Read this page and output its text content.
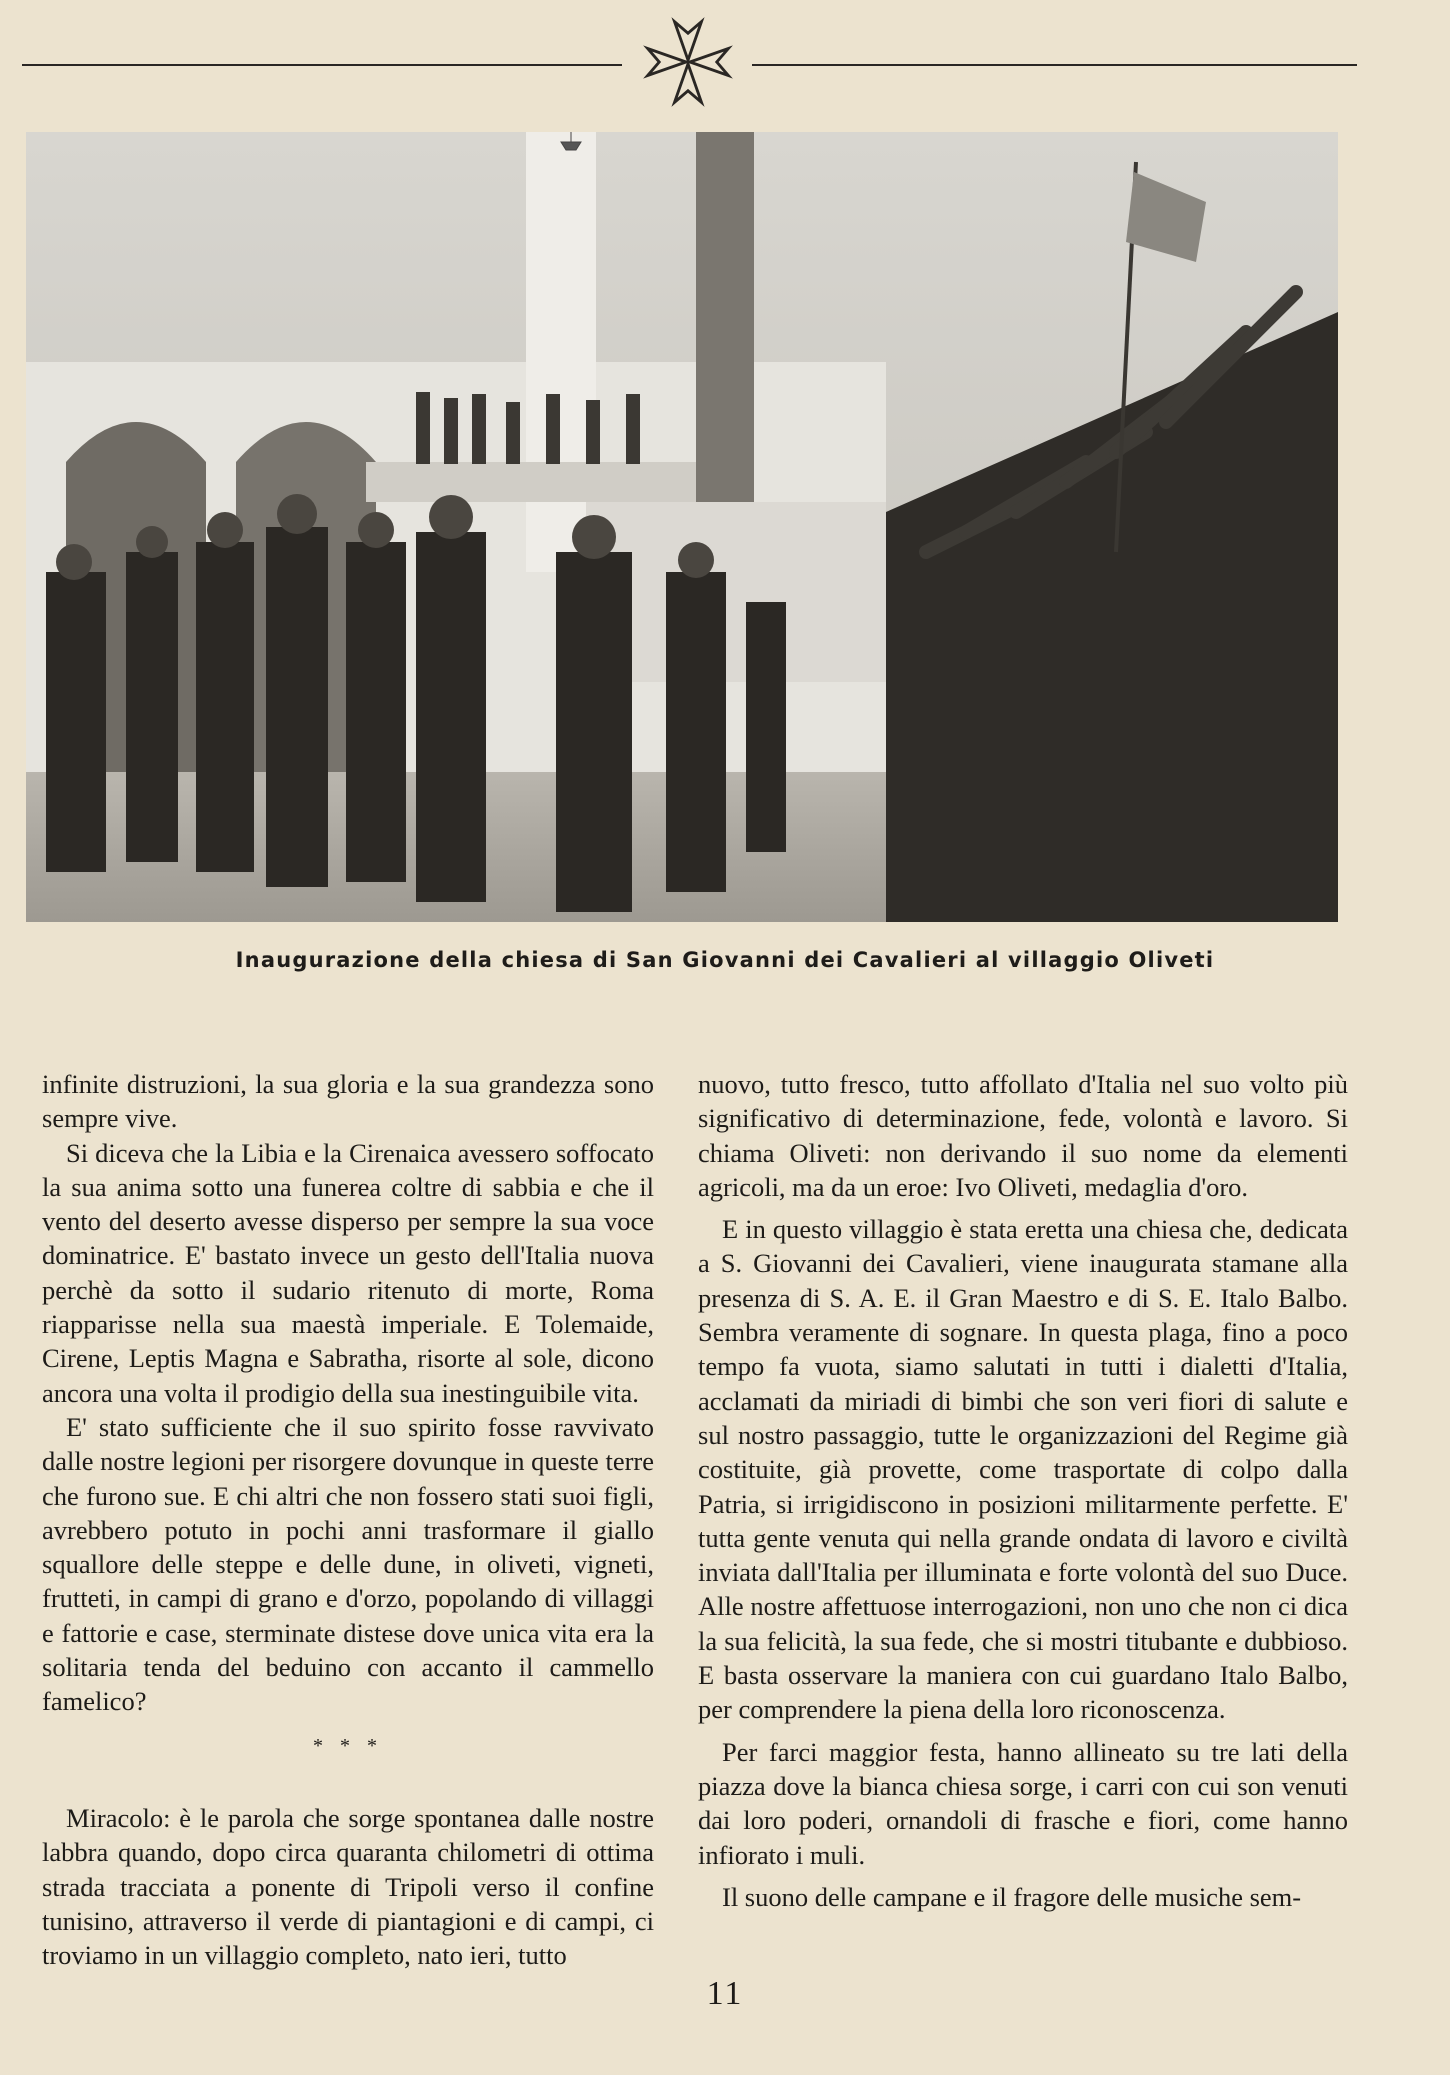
Inaugurazione della chiesa di San Giovanni dei Cavalieri al villaggio Oliveti

infinite distruzioni, la sua gloria e la sua grandezza sono sempre vive.

Si diceva che la Libia e la Cirenaica avessero soffocato la sua anima sotto una funerea coltre di sabbia e che il vento del deserto avesse disperso per sempre la sua voce dominatrice. E' bastato invece un gesto dell'Italia nuova perchè da sotto il sudario ritenuto di morte, Roma riapparisse nella sua maestà imperiale. E Tolemaide, Cirene, Leptis Magna e Sabratha, risorte al sole, dicono ancora una volta il prodigio della sua inestinguibile vita.

E' stato sufficiente che il suo spirito fosse ravvivato dalle nostre legioni per risorgere dovunque in queste terre che furono sue. E chi altri che non fossero stati suoi figli, avrebbero potuto in pochi anni trasformare il giallo squallore delle steppe e delle dune, in oliveti, vigneti, frutteti, in campi di grano e d'orzo, popolando di villaggi e fattorie e case, sterminate distese dove unica vita era la solitaria tenda del beduino con accanto il cammello famelico?

* * *

Miracolo: è le parola che sorge spontanea dalle nostre labbra quando, dopo circa quaranta chilometri di ottima strada tracciata a ponente di Tripoli verso il confine tunisino, attraverso il verde di piantagioni e di campi, ci troviamo in un villaggio completo, nato ieri, tutto

nuovo, tutto fresco, tutto affollato d'Italia nel suo volto più significativo di determinazione, fede, volontà e lavoro. Si chiama Oliveti: non derivando il suo nome da elementi agricoli, ma da un eroe: Ivo Oliveti, medaglia d'oro.

E in questo villaggio è stata eretta una chiesa che, dedicata a S. Giovanni dei Cavalieri, viene inaugurata stamane alla presenza di S. A. E. il Gran Maestro e di S. E. Italo Balbo. Sembra veramente di sognare. In questa plaga, fino a poco tempo fa vuota, siamo salutati in tutti i dialetti d'Italia, acclamati da miriadi di bimbi che son veri fiori di salute e sul nostro passaggio, tutte le organizzazioni del Regime già costituite, già provette, come trasportate di colpo dalla Patria, si irrigidiscono in posizioni militarmente perfette. E' tutta gente venuta qui nella grande ondata di lavoro e civiltà inviata dall'Italia per illuminata e forte volontà del suo Duce. Alle nostre affettuose interrogazioni, non uno che non ci dica la sua felicità, la sua fede, che si mostri titubante e dubbioso. E basta osservare la maniera con cui guardano Italo Balbo, per comprendere la piena della loro riconoscenza.

Per farci maggior festa, hanno allineato su tre lati della piazza dove la bianca chiesa sorge, i carri con cui son venuti dai loro poderi, ornandoli di frasche e fiori, come hanno infiorato i muli.

Il suono delle campane e il fragore delle musiche sem-

11
